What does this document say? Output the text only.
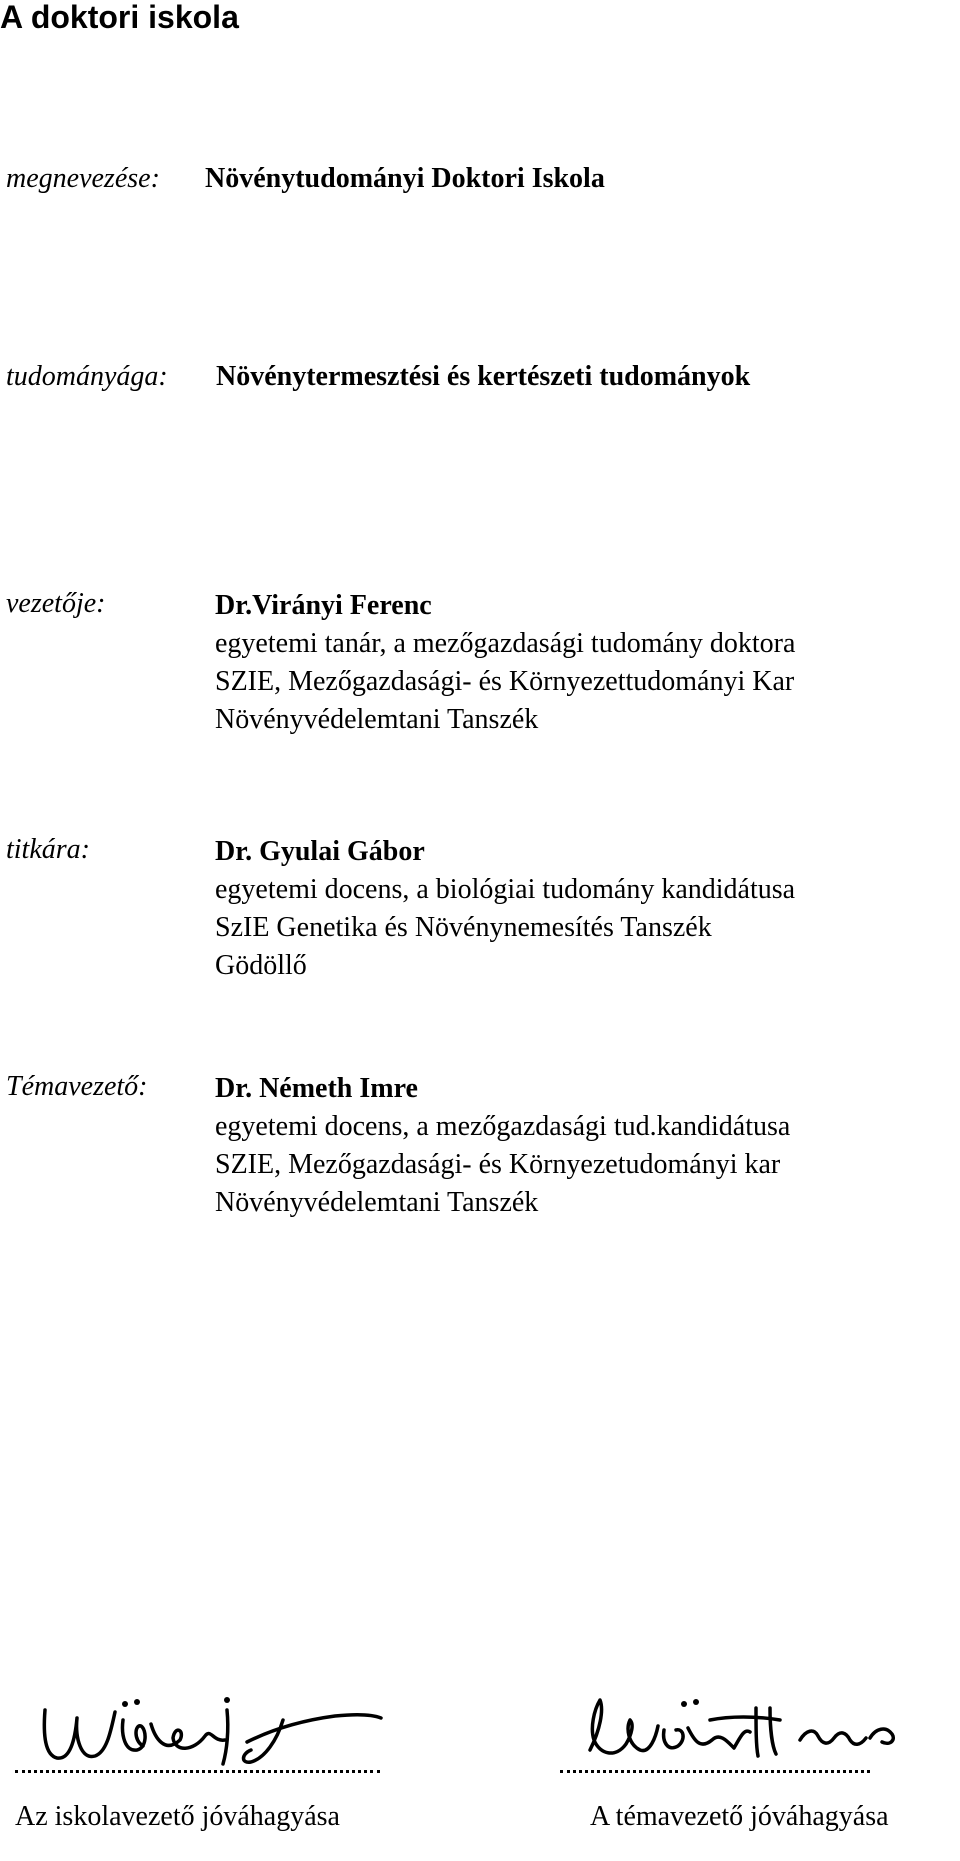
A doktori iskola
megnevezése: Növénytudományi Doktori Iskola
tudományága: Növénytermesztési és kertészeti tudományok
vezetője:	Dr.Virányi Ferenc
egyetemi tanár, a mezőgazdasági tudomány doktora
SZIE, Mezőgazdasági- és Környezettudományi Kar
Növényvédelemtani Tanszék
titkára:	Dr. Gyulai Gábor
egyetemi docens, a biológiai tudomány kandidátusa
SzIE Genetika és Növénynemesítés Tanszék
Gödöllő
Témavezető: Dr. Németh Imre
egyetemi docens, a mezőgazdasági tud.kandidátusa
SZIE, Mezőgazdasági- és Környezetudományi kar
Növényvédelemtani Tanszék
Az iskolavezető jóváhagyása	A témavezető jóváhagyása
